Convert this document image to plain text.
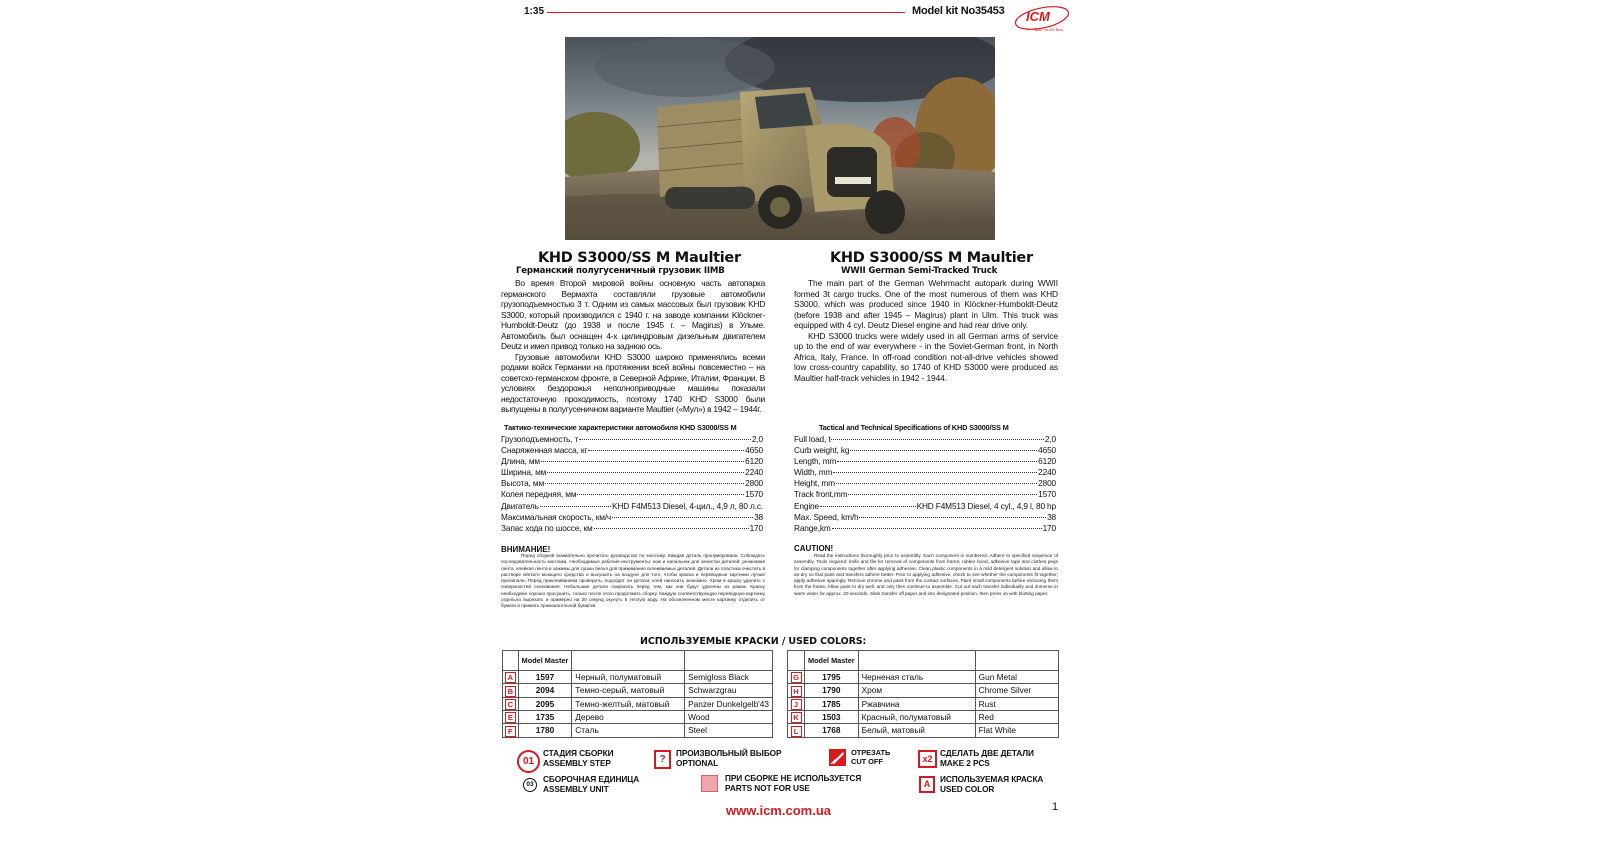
1:35	Model kit No35453 ICM
Take on the best
KHD S3000/SS M Maultier
Германский полугусеничный грузовик IIМВ

Во время Второй мировой войны основную часть автопарка германского Вермахта составляли грузовые автомобили грузоподъемностью 3 т. Одним из самых массовых был грузовик KHD S3000, который производился с 1940 г. на заводе компании Klöckner-Humboldt-Deutz (до 1938 и после 1945 г. – Magirus) в Ульме. Автомобиль был оснащен 4-х цилиндровым дизельным двигателем Deutz и имел привод только на заднюю ось.

Грузовые автомобили KHD S3000 широко применялись всеми родами войск Германии на протяжении всей войны повсеместно – на советско-германском фронте, в Северной Африке, Италии, Франции. В условиях бездорожья неполноприводные машины показали недостаточную проходимость, поэтому 1740 KHD S3000 были выпущены в полугусеничном варианте Maultier («Мул») в 1942 – 1944г.

KHD S3000/SS M Maultier
WWII German Semi-Tracked Truck

The main part of the German Wehrmacht autopark during WWII formed 3t cargo trucks. One of the most numerous of them was KHD S3000, which was produced since 1940 in Klöckner-Humboldt-Deutz (before 1938 and after 1945 – Magirus) plant in Ulm. This truck was equipped with 4 cyl. Deutz Diesel engine and had rear drive only.

KHD S3000 trucks were widely used in all German arms of service up to the end of war everywhere - in the Soviet-German front, in North Africa, Italy, France. In off-road condition not-all-drive vehicles showed low cross-country capability, so 1740 of KHD S3000 were produced as Maultier half-track vehicles in 1942 - 1944.

Тактико-технические характеристики автомобиля KHD S3000/SS M
Грузоподъемность, т	2,0
Снаряженная масса, кг	4650
Длина, мм	6120
Ширина, мм	2240
Высота, мм	2800
Колея передняя, мм	1570
Двигатель	KHD F4M513 Diesel, 4-цил., 4,9 л, 80 л.с.
Максимальная скорость, км/ч	38
Запас хода по шоссе, км	170
Tactical and Technical Specifications of KHD S3000/SS M
Full load, t	2,0
Curb weight, kg	4650
Length, mm	6120
Width, mm	2240
Height, mm	2800
Track front,mm	1570
Engine	KHD F4M513 Diesel, 4 cyl., 4,9 l, 80 hp
Max. Speed, km/h	38
Range,km	170
ВНИМАНИЕ!

Перед сборкой внимательно прочитать руководство по монтажу. Каждая деталь пронумерована. Соблюдать последовательность монтажа. Необходимые рабочие инструменты: нож и напильник для зачистки деталей; резиновая лента, клейкая лента и зажимы для сушки белья для прижимания склеиваемых деталей. Детали из пластика очистить в растворе мягкого моющего средства и высушить на воздухе для того, чтобы краска и переводные картинки лучше прилипали. Перед приклеиванием проверить, подходят ли детали; клей наносить экономно. Хром и краску удалить с поверхностей склеивания. Небольшие детали покрасить перед тем, как они будут удалены из рамок. Краску необходимо хорошо просушить, только после этого продолжать сборку. Каждую соответствующую переводную картинку отдельно вырезать и примерно на 20 секунд окунуть в теплую воду. На обозначенном месте картинку отделить от бумаги и прижать промокательной бумагой.

CAUTION!

Read the instructions thoroughly prior to assembly. Each component is numbered. Adhere to specified sequence of assembly. Tools required: knife and file for removal of components from frame; rubber bond, adhesive tape and clothes pegs for clamping components together after applying adhesive. Clean plastic components in a mild detergent solution and allow to air-dry so that paint and transfers adhere better. Prior to applying adhesive, check to see whether the components fit together; apply adhesive sparingly. Remove chrome and paint from the contact surfaces. Paint small components before removing them from the frame. Allow paint to dry well, and only then continue to assemble. Cut out each transfer individually and immerse in warm water for approx. 20 seconds. Slide transfer off paper and into designated position, then press on with blotting paper.

ИСПОЛЬЗУЕМЫЕ КРАСКИ / USED COLORS:
	Model Master		
A	1597	Черный, полуматовый	Semigloss Black
B	2094	Темно-серый, матовый	Schwarzgrau
C	2095	Темно-желтый, матовый	Panzer Dunkelgelb'43
E	1735	Дерево	Wood
F	1780	Сталь	Steel
	Model Master		
G	1795	Черненая сталь	Gun Metal
H	1790	Хром	Chrome Silver
J	1785	Ржавчина	Rust
K	1503	Красный, полуматовый	Red
L	1768	Белый, матовый	Flat White
01
СТАДИЯ СБОРКИ
ASSEMBLY STEP
03
СБОРОЧНАЯ ЕДИНИЦА
ASSEMBLY UNIT
?
ПРОИЗВОЛЬНЫЙ ВЫБОР
OPTIONAL
ПРИ СБОРКЕ НЕ ИСПОЛЬЗУЕТСЯ
PARTS NOT FOR USE
ОТРЕЗАТЬ
CUT OFF	x2
СДЕЛАТЬ ДВЕ ДЕТАЛИ
MAKE 2 PCS
A	ИСПОЛЬЗУЕМАЯ КРАСКА
USED COLOR
www.icm.com.ua	1
